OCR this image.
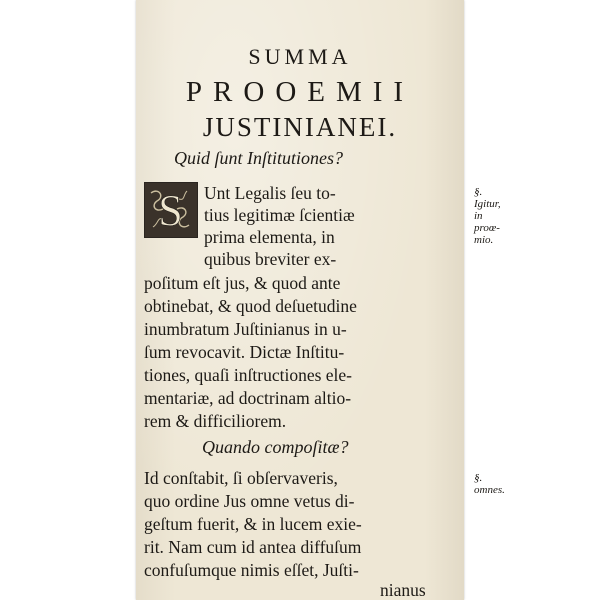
SUMMA

PROOEMII

JUSTINIANEI.

Quid ſunt Inſtitutiones?

S Unt Legalis ſeu to-

tius legitimæ ſcientiæ

prima elementa, in

quibus breviter ex-

poſitum eſt jus, & quod ante

obtinebat, & quod deſuetudine

inumbratum Juſtinianus in u-

ſum revocavit. Dictæ Inſtitu-

tiones, quaſi inſtructiones ele-

mentariæ, ad doctrinam altio-

rem & difficiliorem.

§. Igitur,
in proœ-
mio.

Quando compoſitæ?

Id conſtabit, ſi obſervaveris,

quo ordine Jus omne vetus di-

geſtum fuerit, & in lucem exie-

rit. Nam cum id antea diffuſum

confuſumque nimis eſſet, Juſti-

nianus

§. omnes.
